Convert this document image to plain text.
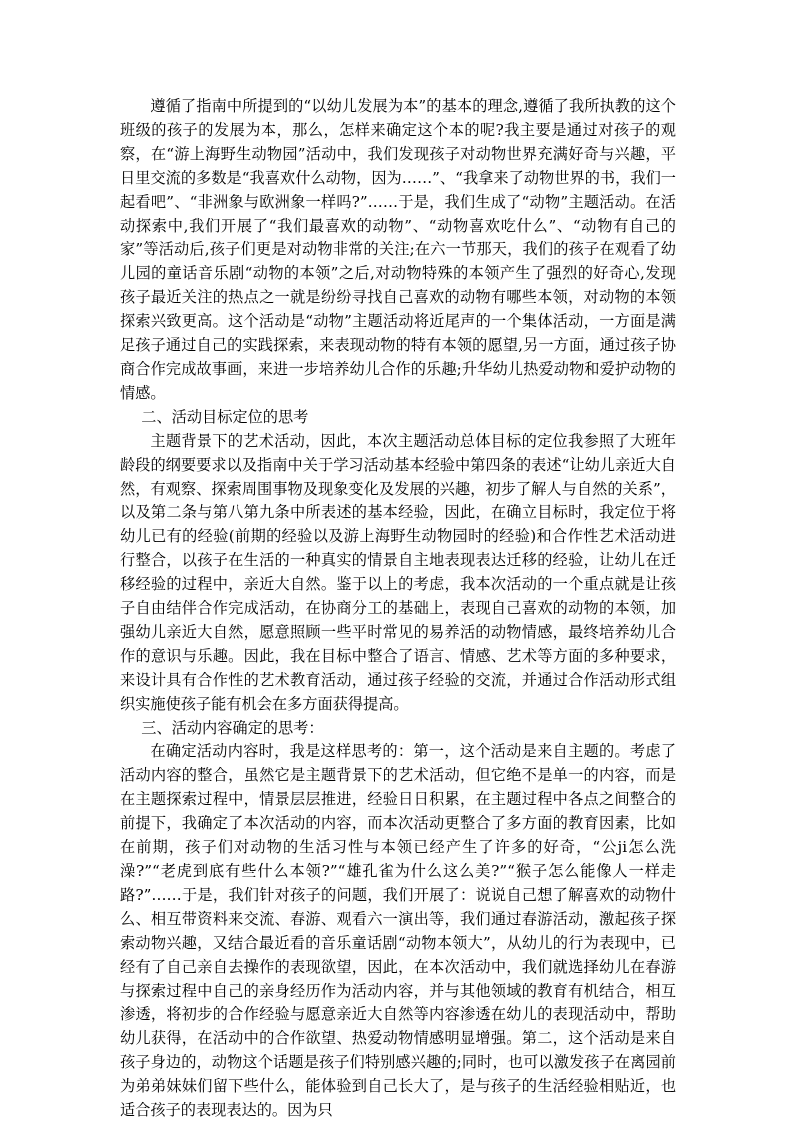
遵循了指南中所提到的“以幼儿发展为本”的基本的理念,遵循了我所执教的这个班级的孩子的发展为本，那么，怎样来确定这个本的呢?我主要是通过对孩子的观察，在“游上海野生动物园”活动中，我们发现孩子对动物世界充满好奇与兴趣，平日里交流的多数是“我喜欢什么动物，因为……”、“我拿来了动物世界的书，我们一起看吧”、“非洲象与欧洲象一样吗?”……于是，我们生成了“动物”主题活动。在活动探索中,我们开展了“我们最喜欢的动物”、“动物喜欢吃什么”、“动物有自己的家”等活动后,孩子们更是对动物非常的关注;在六一节那天，我们的孩子在观看了幼儿园的童话音乐剧“动物的本领”之后,对动物特殊的本领产生了强烈的好奇心,发现孩子最近关注的热点之一就是纷纷寻找自己喜欢的动物有哪些本领，对动物的本领探索兴致更高。这个活动是“动物”主题活动将近尾声的一个集体活动，一方面是满足孩子通过自己的实践探索，来表现动物的特有本领的愿望,另一方面，通过孩子协商合作完成故事画，来进一步培养幼儿合作的乐趣;升华幼儿热爱动物和爱护动物的情感。

二、活动目标定位的思考

主题背景下的艺术活动，因此，本次主题活动总体目标的定位我参照了大班年龄段的纲要要求以及指南中关于学习活动基本经验中第四条的表述“让幼儿亲近大自然，有观察、探索周围事物及现象变化及发展的兴趣，初步了解人与自然的关系”，以及第二条与第八第九条中所表述的基本经验，因此，在确立目标时，我定位于将幼儿已有的经验(前期的经验以及游上海野生动物园时的经验)和合作性艺术活动进行整合，以孩子在生活的一种真实的情景自主地表现表达迁移的经验，让幼儿在迁移经验的过程中，亲近大自然。鉴于以上的考虑，我本次活动的一个重点就是让孩子自由结伴合作完成活动，在协商分工的基础上，表现自己喜欢的动物的本领，加强幼儿亲近大自然，愿意照顾一些平时常见的易养活的动物情感，最终培养幼儿合作的意识与乐趣。因此，我在目标中整合了语言、情感、艺术等方面的多种要求，来设计具有合作性的艺术教育活动，通过孩子经验的交流，并通过合作活动形式组织实施使孩子能有机会在多方面获得提高。

三、活动内容确定的思考：

在确定活动内容时，我是这样思考的：第一，这个活动是来自主题的。考虑了活动内容的整合，虽然它是主题背景下的艺术活动，但它绝不是单一的内容，而是在主题探索过程中，情景层层推进，经验日日积累，在主题过程中各点之间整合的前提下，我确定了本次活动的内容，而本次活动更整合了多方面的教育因素，比如在前期，孩子们对动物的生活习性与本领已经产生了许多的好奇，“公ji怎么洗澡?”“老虎到底有些什么本领?”“雄孔雀为什么这么美?”“猴子怎么能像人一样走路?”……于是，我们针对孩子的问题，我们开展了：说说自己想了解喜欢的动物什么、相互带资料来交流、春游、观看六一演出等，我们通过春游活动，激起孩子探索动物兴趣，又结合最近看的音乐童话剧“动物本领大”，从幼儿的行为表现中，已经有了自己亲自去操作的表现欲望，因此，在本次活动中，我们就选择幼儿在春游与探索过程中自己的亲身经历作为活动内容，并与其他领域的教育有机结合，相互渗透，将初步的合作经验与愿意亲近大自然等内容渗透在幼儿的表现活动中，帮助幼儿获得，在活动中的合作欲望、热爱动物情感明显增强。第二，这个活动是来自孩子身边的，动物这个话题是孩子们特别感兴趣的;同时，也可以激发孩子在离园前为弟弟妹妹们留下些什么，能体验到自己长大了，是与孩子的生活经验相贴近，也适合孩子的表现表达的。因为只
